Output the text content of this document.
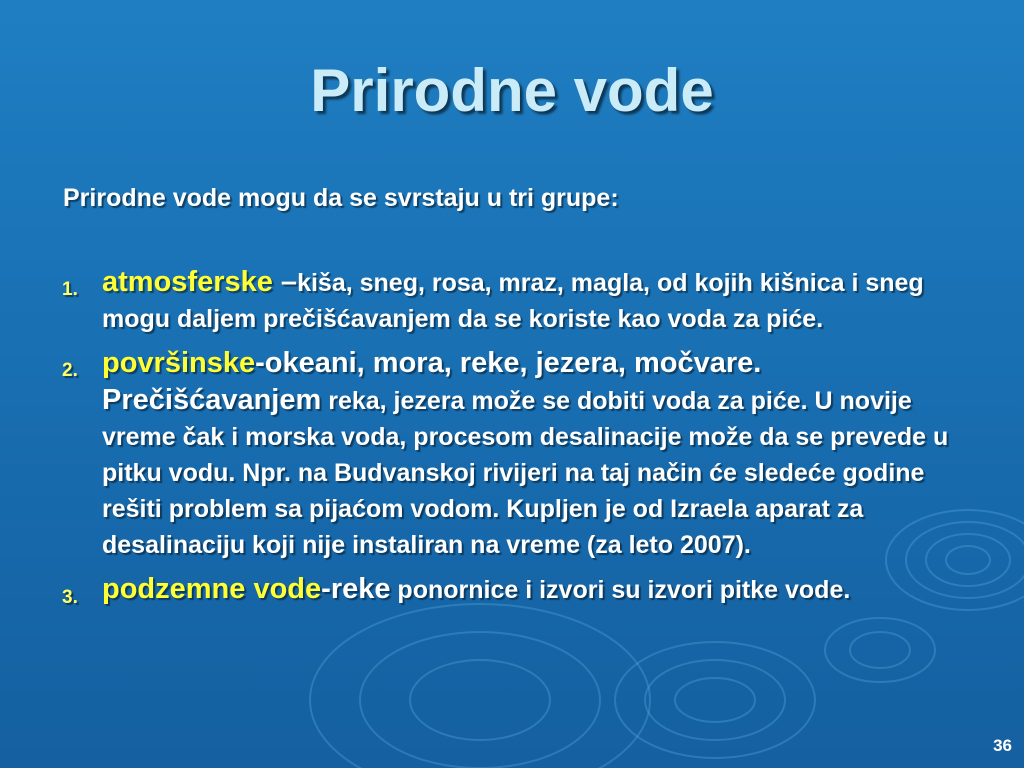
Prirodne vode
Prirodne vode mogu da se svrstaju u tri grupe:
1. atmosferske –kiša, sneg, rosa, mraz, magla, od kojih kišnica i sneg mogu daljem prečišćavanjem da se koriste kao voda za piće.
2. površinske-okeani, mora, reke, jezera, močvare. Prečišćavanjem reka, jezera može se dobiti voda za piće. U novije vreme čak i morska voda, procesom desalinacije može da se prevede u pitku vodu. Npr. na Budvanskoj rivijeri na taj način će sledeće godine rešiti problem sa pijaćom vodom. Kupljen je od Izraela aparat za desalinaciju koji nije instaliran na vreme (za leto 2007).
3. podzemne vode-reke ponornice i izvori su izvori pitke vode.
36
